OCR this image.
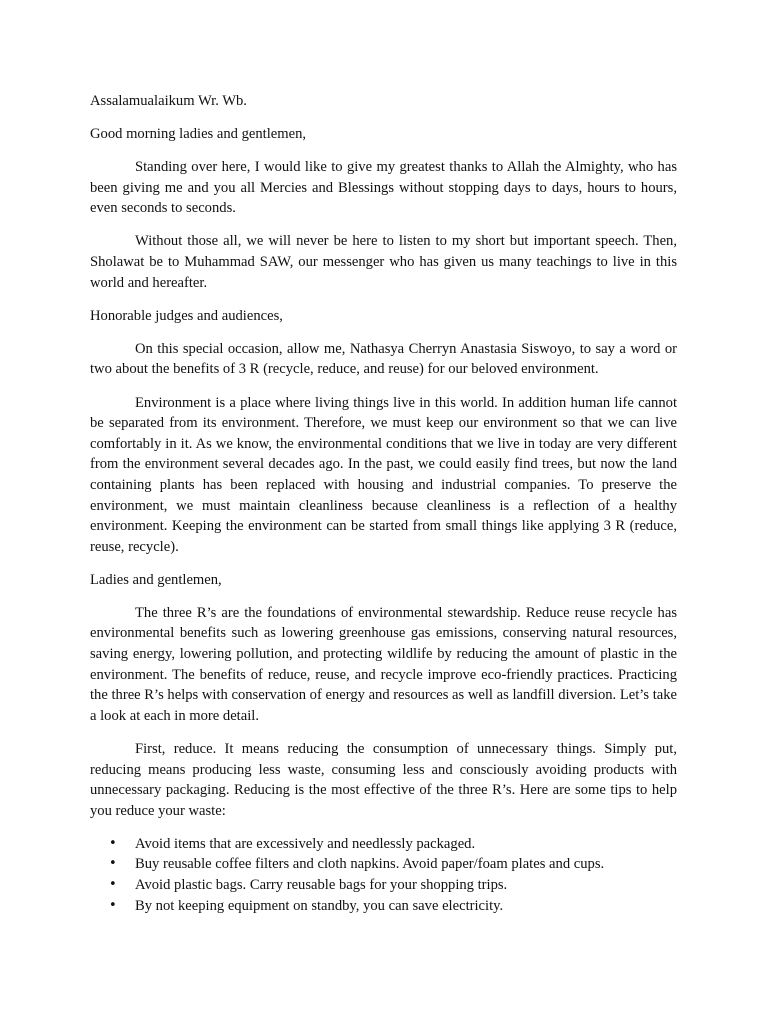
Assalamualaikum Wr. Wb.

Good morning ladies and gentlemen,

Standing over here, I would like to give my greatest thanks to Allah the Almighty, who has been giving me and you all Mercies and Blessings without stopping days to days, hours to hours, even seconds to seconds.

Without those all, we will never be here to listen to my short but important speech. Then, Sholawat be to Muhammad SAW, our messenger who has given us many teachings to live in this world and hereafter.

Honorable judges and audiences,

On this special occasion, allow me, Nathasya Cherryn Anastasia Siswoyo, to say a word or two about the benefits of 3 R (recycle, reduce, and reuse) for our beloved environment.

Environment is a place where living things live in this world. In addition human life cannot be separated from its environment. Therefore, we must keep our environment so that we can live comfortably in it. As we know, the environmental conditions that we live in today are very different from the environment several decades ago. In the past, we could easily find trees, but now the land containing plants has been replaced with housing and industrial companies. To preserve the environment, we must maintain cleanliness because cleanliness is a reflection of a healthy environment. Keeping the environment can be started from small things like applying 3 R (reduce, reuse, recycle).

Ladies and gentlemen,

The three R’s are the foundations of environmental stewardship. Reduce reuse recycle has environmental benefits such as lowering greenhouse gas emissions, conserving natural resources, saving energy, lowering pollution, and protecting wildlife by reducing the amount of plastic in the environment. The benefits of reduce, reuse, and recycle improve eco-friendly practices. Practicing the three R’s helps with conservation of energy and resources as well as landfill diversion. Let’s take a look at each in more detail.

First, reduce. It means reducing the consumption of unnecessary things. Simply put, reducing means producing less waste, consuming less and consciously avoiding products with unnecessary packaging. Reducing is the most effective of the three R’s. Here are some tips to help you reduce your waste:

• Avoid items that are excessively and needlessly packaged.
• Buy reusable coffee filters and cloth napkins. Avoid paper/foam plates and cups.
• Avoid plastic bags. Carry reusable bags for your shopping trips.
• By not keeping equipment on standby, you can save electricity.
